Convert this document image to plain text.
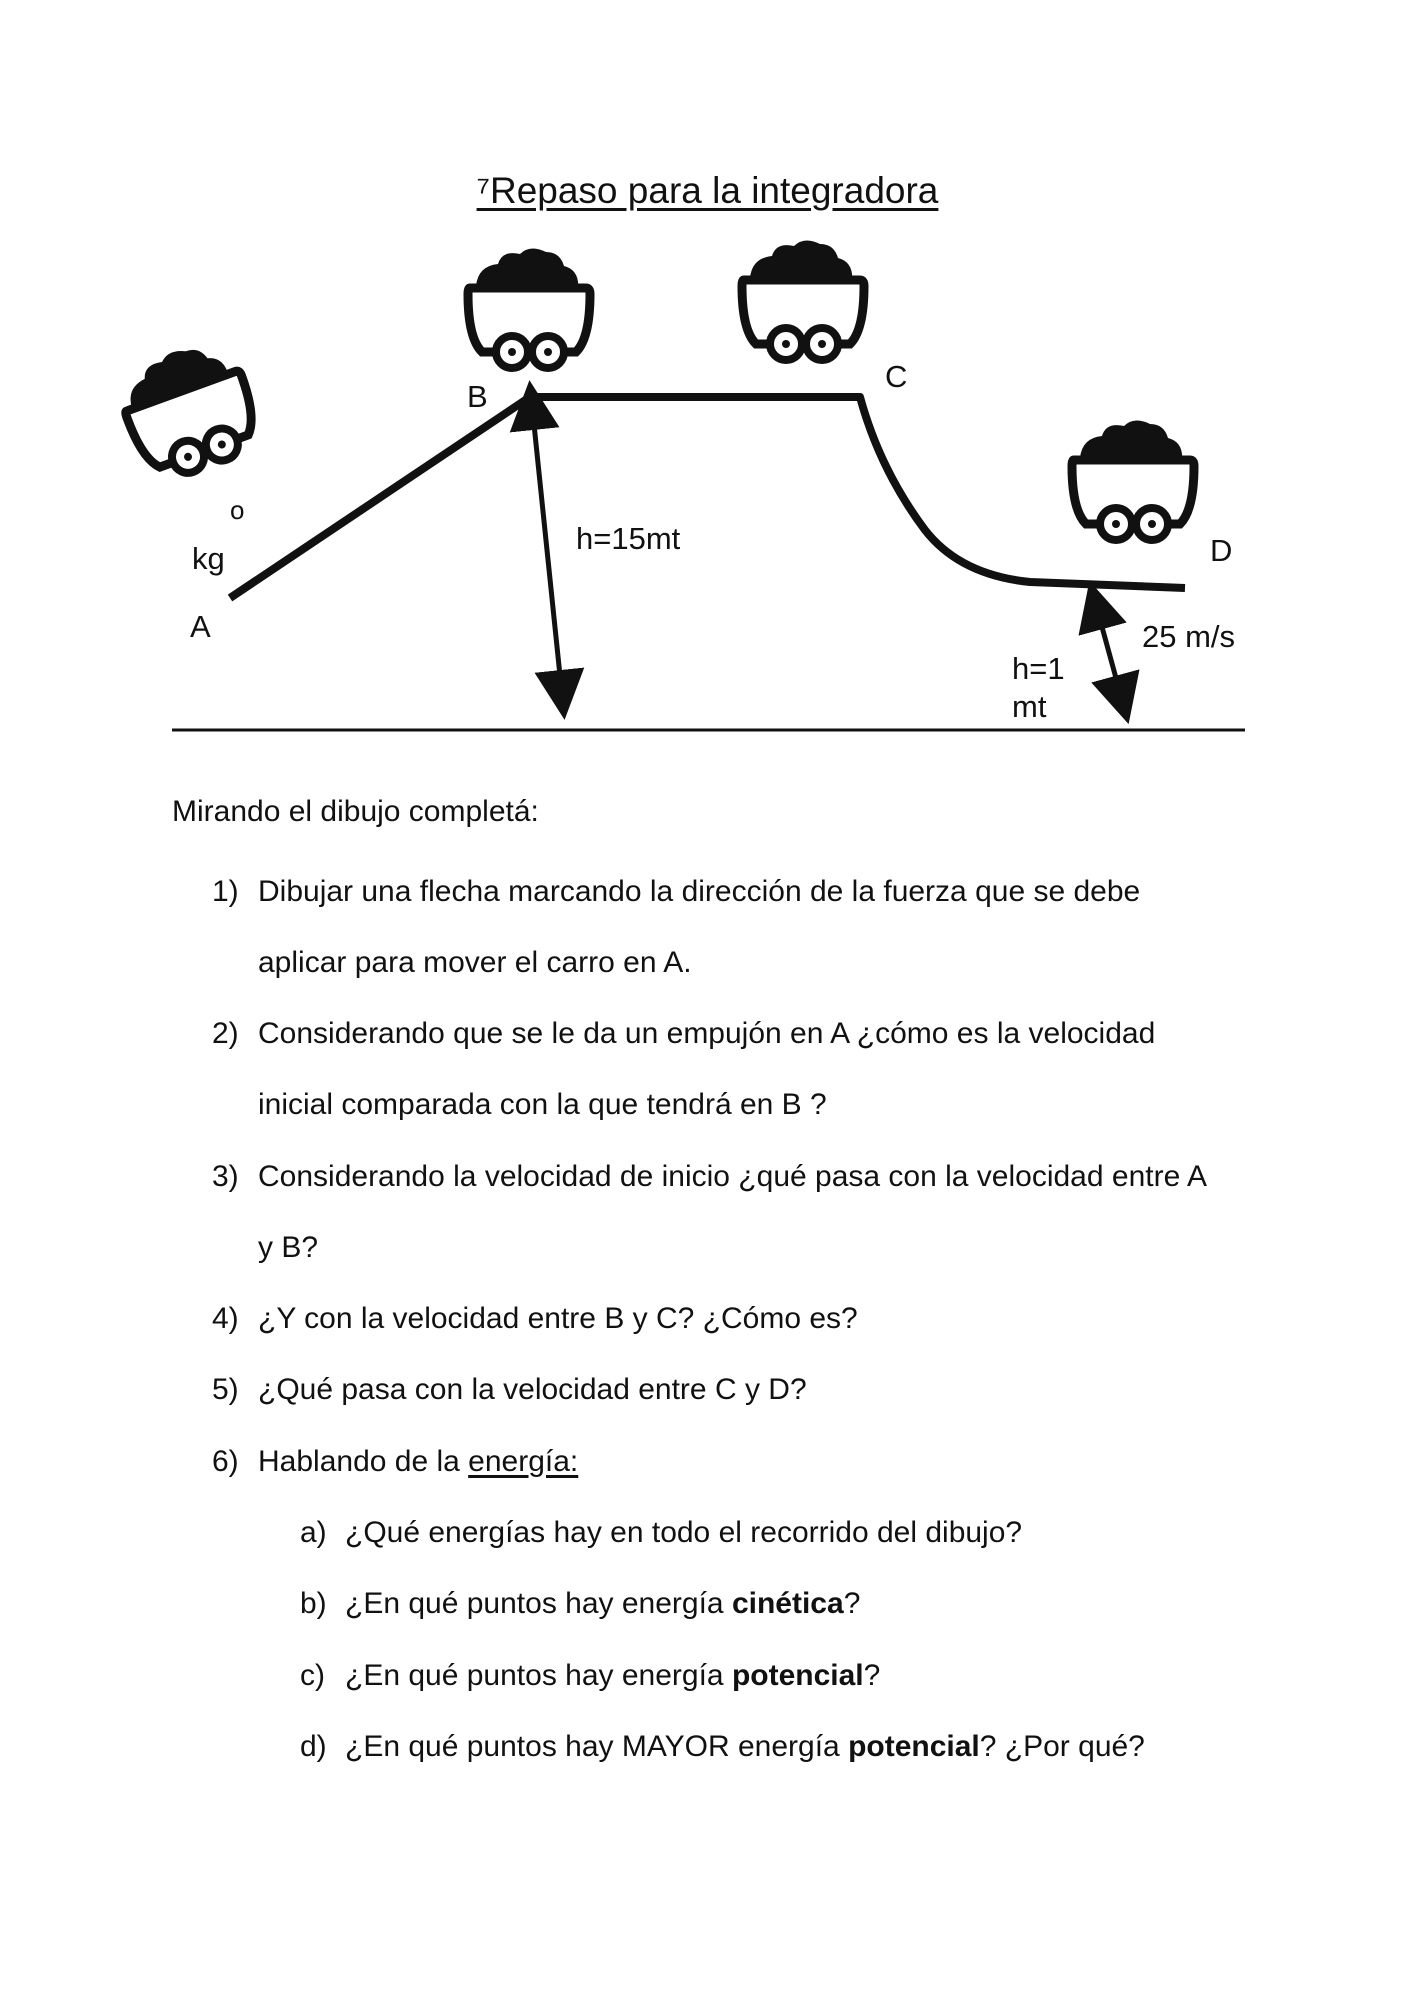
⁷Repaso para la integradora
B
C
D
A
o
kg
h=15mt
h=1
mt
25 m/s
Mirando el dibujo completá:
1) Dibujar una flecha marcando la dirección de la fuerza que se debe
aplicar para mover el carro en A.
2) Considerando que se le da un empujón en A ¿cómo es la velocidad
inicial comparada con la que tendrá en B ?
3) Considerando la velocidad de inicio ¿qué pasa con la velocidad entre A
y B?
4) ¿Y con la velocidad entre B y C? ¿Cómo es?
5) ¿Qué pasa con la velocidad entre C y D?
6) Hablando de la energía:
a) ¿Qué energías hay en todo el recorrido del dibujo?
b) ¿En qué puntos hay energía cinética?
c) ¿En qué puntos hay energía potencial?
d) ¿En qué puntos hay MAYOR energía potencial? ¿Por qué?
